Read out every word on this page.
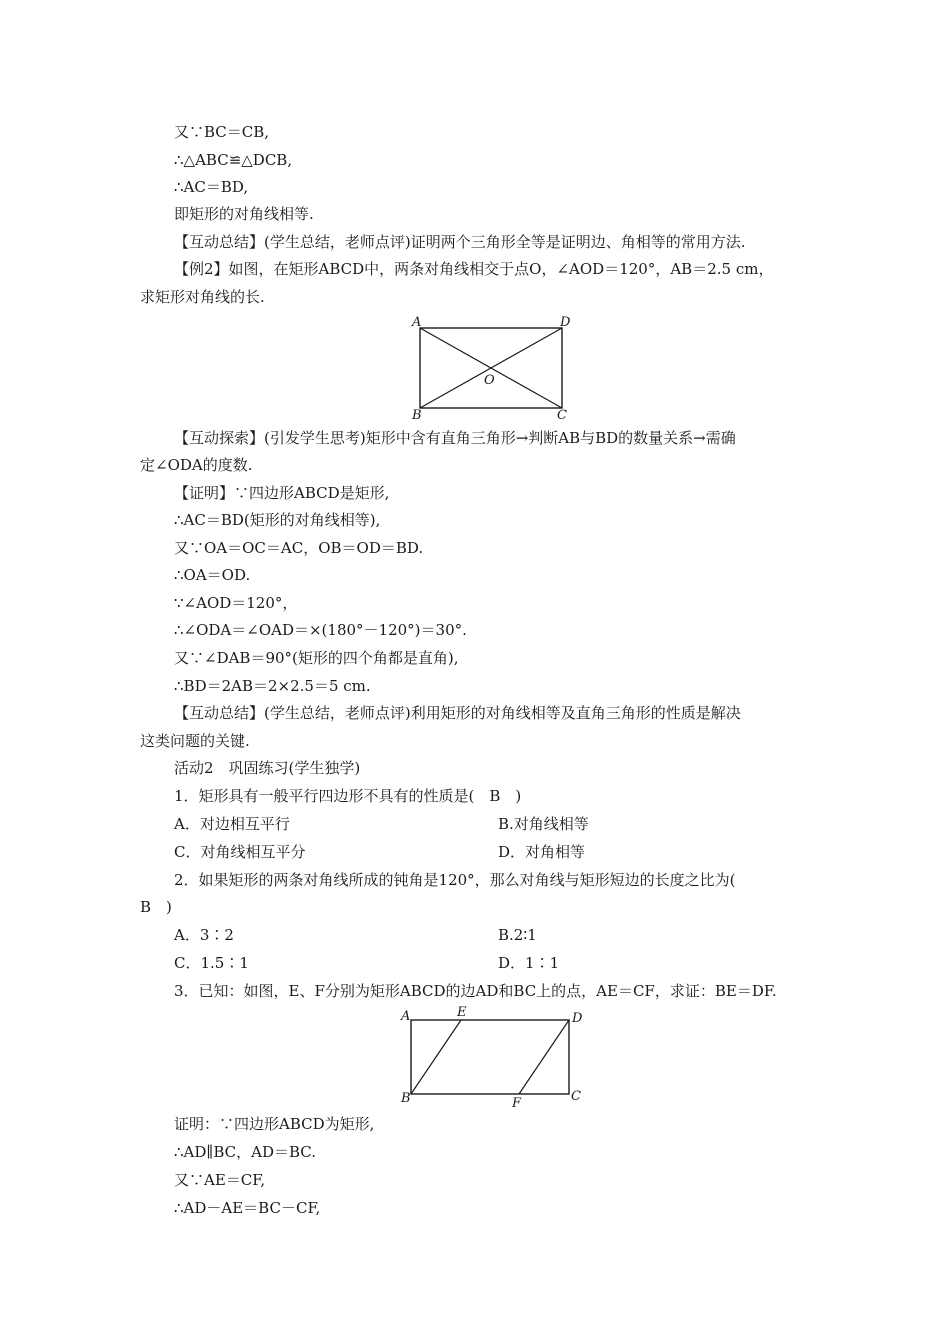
又∵BC＝CB,
∴△ABC≌△DCB,
∴AC＝BD,
即矩形的对角线相等.
【互动总结】(学生总结，老师点评)证明两个三角形全等是证明边、角相等的常用方法.
【例2】如图，在矩形ABCD中，两条对角线相交于点O，∠AOD＝120°，AB＝2.5 cm，
求矩形对角线的长.
A	D
B	C
O
【互动探索】(引发学生思考)矩形中含有直角三角形→判断AB与BD的数量关系→需确
定∠ODA的度数.
【证明】∵四边形ABCD是矩形,
∴AC＝BD(矩形的对角线相等),
又∵OA＝OC＝AC，OB＝OD＝BD.
∴OA＝OD.
∵∠AOD＝120°，
∴∠ODA＝∠OAD＝×(180°－120°)＝30°.
又∵∠DAB＝90°(矩形的四个角都是直角),
∴BD＝2AB＝2×2.5＝5 cm.
【互动总结】(学生总结，老师点评)利用矩形的对角线相等及直角三角形的性质是解决
这类问题的关键.
活动2　巩固练习(学生独学)
1．矩形具有一般平行四边形不具有的性质是(　B　)
A．对边相互平行	B.对角线相等
C．对角线相互平分	D．对角相等
2．如果矩形的两条对角线所成的钝角是120°，那么对角线与矩形短边的长度之比为(
B　)
A．3∶2	B.2∶1
C．1.5∶1	D．1∶1
3．已知：如图，E、F分别为矩形ABCD的边AD和BC上的点，AE＝CF，求证：BE＝DF.
A	E	D
B	F	C
证明：∵四边形ABCD为矩形,
∴AD∥BC，AD＝BC.
又∵AE＝CF,
∴AD－AE＝BC－CF,
